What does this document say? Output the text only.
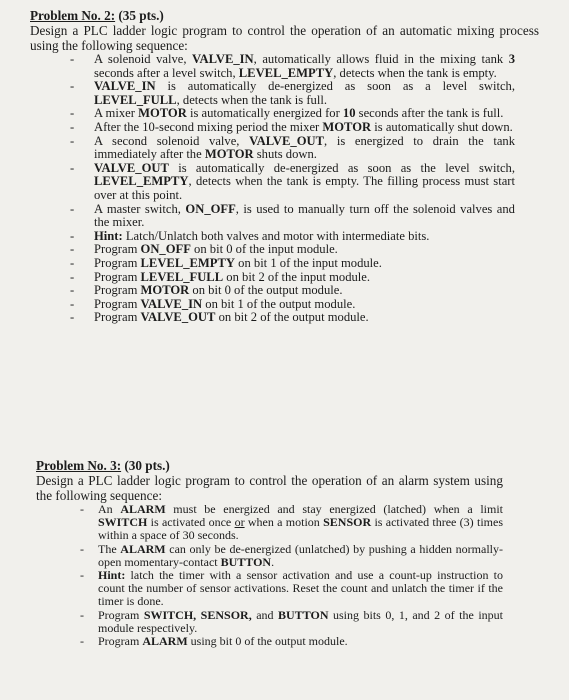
Problem No. 2: (35 pts.)

Design a PLC ladder logic program to control the operation of an automatic mixing process using the following sequence:

- A solenoid valve, VALVE_IN, automatically allows fluid in the mixing tank 3 seconds after a level switch, LEVEL_EMPTY, detects when the tank is empty.
- VALVE_IN is automatically de-energized as soon as a level switch, LEVEL_FULL, detects when the tank is full.
- A mixer MOTOR is automatically energized for 10 seconds after the tank is full.
- After the 10-second mixing period the mixer MOTOR is automatically shut down.
- A second solenoid valve, VALVE_OUT, is energized to drain the tank immediately after the MOTOR shuts down.
- VALVE_OUT is automatically de-energized as soon as the level switch, LEVEL_EMPTY, detects when the tank is empty. The filling process must start over at this point.
- A master switch, ON_OFF, is used to manually turn off the solenoid valves and the mixer.
- Hint: Latch/Unlatch both valves and motor with intermediate bits.
- Program ON_OFF on bit 0 of the input module.
- Program LEVEL_EMPTY on bit 1 of the input module.
- Program LEVEL_FULL on bit 2 of the input module.
- Program MOTOR on bit 0 of the output module.
- Program VALVE_IN on bit 1 of the output module.
- Program VALVE_OUT on bit 2 of the output module.

Problem No. 3: (30 pts.)

Design a PLC ladder logic program to control the operation of an alarm system using the following sequence:

- An ALARM must be energized and stay energized (latched) when a limit SWITCH is activated once or when a motion SENSOR is activated three (3) times within a space of 30 seconds.
- The ALARM can only be de-energized (unlatched) by pushing a hidden normally-open momentary-contact BUTTON.
- Hint: latch the timer with a sensor activation and use a count-up instruction to count the number of sensor activations. Reset the count and unlatch the timer if the timer is done.
- Program SWITCH, SENSOR, and BUTTON using bits 0, 1, and 2 of the input module respectively.
- Program ALARM using bit 0 of the output module.
